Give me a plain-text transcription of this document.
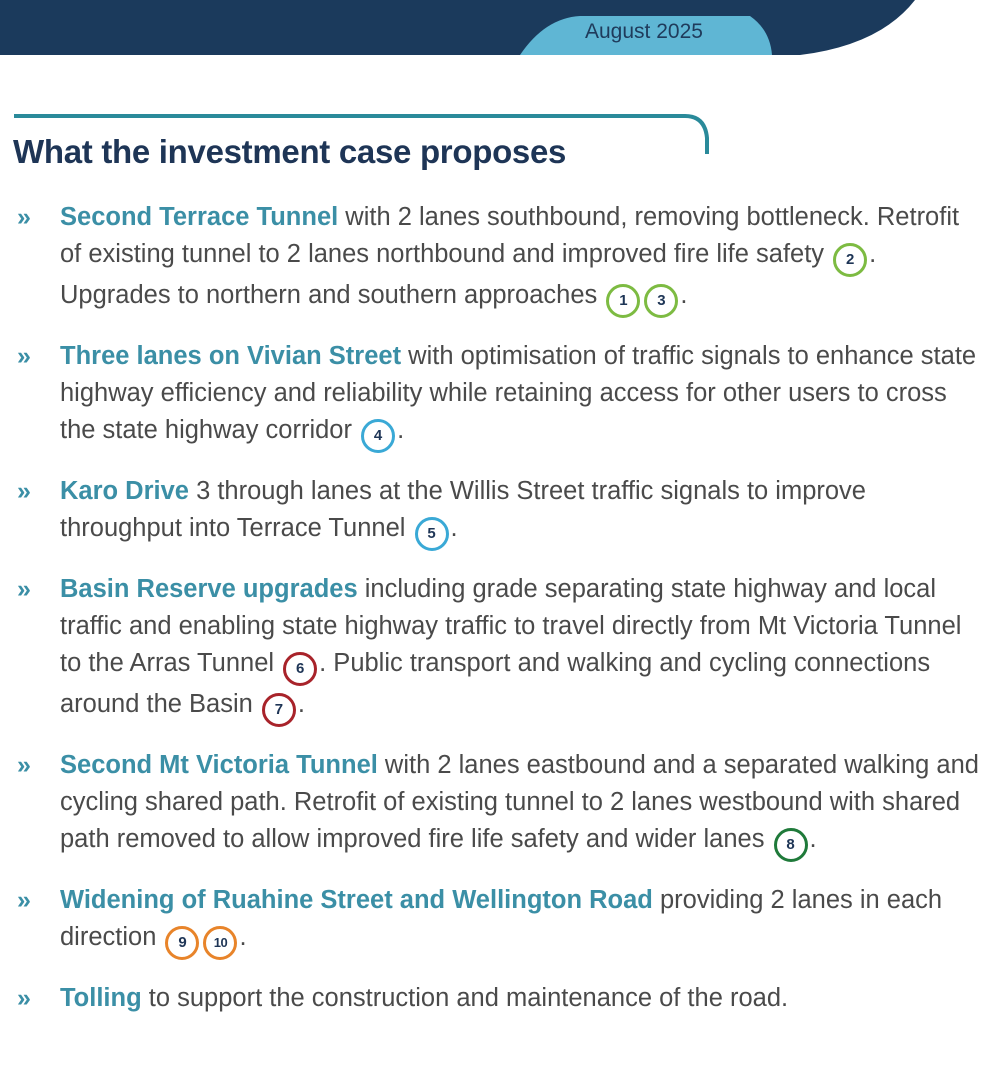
August 2025
What the investment case proposes
» Second Terrace Tunnel with 2 lanes southbound, removing bottleneck. Retrofit of existing tunnel to 2 lanes northbound and improved fire life safety 2 . Upgrades to northern and southern approaches 1 3 .
» Three lanes on Vivian Street with optimisation of traffic signals to enhance state highway efficiency and reliability while retaining access for other users to cross the state highway corridor 4 .
» Karo Drive 3 through lanes at the Willis Street traffic signals to improve throughput into Terrace Tunnel 5 .
» Basin Reserve upgrades including grade separating state highway and local traffic and enabling state highway traffic to travel directly from Mt Victoria Tunnel to the Arras Tunnel 6 . Public transport and walking and cycling connections around the Basin 7 .
» Second Mt Victoria Tunnel with 2 lanes eastbound and a separated walking and cycling shared path. Retrofit of existing tunnel to 2 lanes westbound with shared path removed to allow improved fire life safety and wider lanes 8 .
» Widening of Ruahine Street and Wellington Road providing 2 lanes in each direction 9 10 .
» Tolling to support the construction and maintenance of the road.
